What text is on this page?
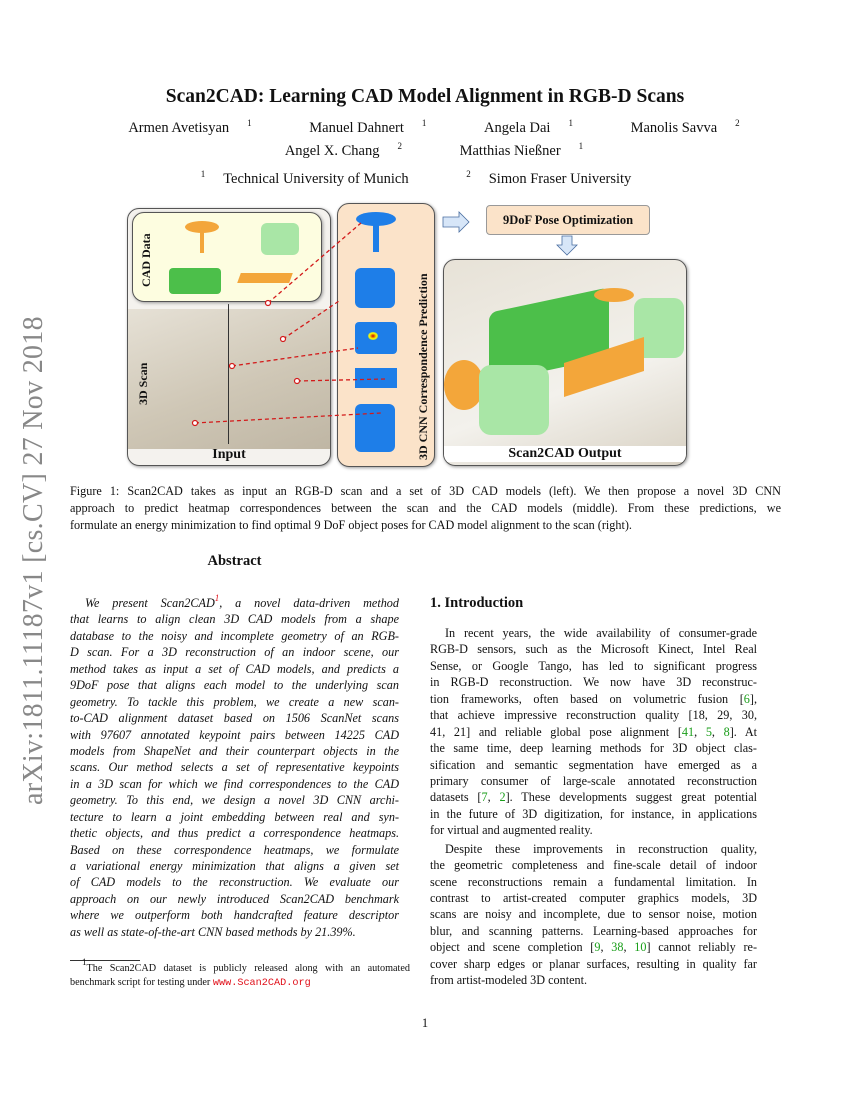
arXiv:1811.11187v1 [cs.CV] 27 Nov 2018
Scan2CAD: Learning CAD Model Alignment in RGB-D Scans
Armen Avetisyan $^1$	Manuel Dahnert $^1$	Angela Dai $^1$	Manolis Savva $^2$
Angel X. Chang $^2$	Matthias Nießner $^1$
$^1$ Technical University of Munich	$^2$ Simon Fraser University
CAD Data
3D Scan
Input	3D CNN Correspondence Prediction
9DoF Pose Optimization
Scan2CAD Output
Figure 1: Scan2CAD takes as input an RGB-D scan and a set of 3D CAD models (left). We then propose a novel 3D CNN
approach to predict heatmap correspondences between the scan and the CAD models (middle). From these predictions, we
formulate an energy minimization to find optimal 9 DoF object poses for CAD model alignment to the scan (right).
Abstract
We present Scan2CAD$^1$, a novel data-driven method
that learns to align clean 3D CAD models from a shape
database to the noisy and incomplete geometry of an RGB-
D scan. For a 3D reconstruction of an indoor scene, our
method takes as input a set of CAD models, and predicts a
9DoF pose that aligns each model to the underlying scan
geometry. To tackle this problem, we create a new scan-
to-CAD alignment dataset based on 1506 ScanNet scans
with 97607 annotated keypoint pairs between 14225 CAD
models from ShapeNet and their counterpart objects in the
scans. Our method selects a set of representative keypoints
in a 3D scan for which we find correspondences to the CAD
geometry. To this end, we design a novel 3D CNN archi-
tecture to learn a joint embedding between real and syn-
thetic objects, and thus predict a correspondence heatmaps.
Based on these correspondence heatmaps, we formulate
a variational energy minimization that aligns a given set
of CAD models to the reconstruction. We evaluate our
approach on our newly introduced Scan2CAD benchmark
where we outperform both handcrafted feature descriptor
as well as state-of-the-art CNN based methods by 21.39%.
$^1$The Scan2CAD dataset is publicly released along with an automated
benchmark script for testing under www.Scan2CAD.org
1. Introduction
In recent years, the wide availability of consumer-grade
RGB-D sensors, such as the Microsoft Kinect, Intel Real
Sense, or Google Tango, has led to significant progress
in RGB-D reconstruction. We now have 3D reconstruc-
tion frameworks, often based on volumetric fusion [6],
that achieve impressive reconstruction quality [18, 29, 30,
41, 21] and reliable global pose alignment [41, 5, 8]. At
the same time, deep learning methods for 3D object clas-
sification and semantic segmentation have emerged as a
primary consumer of large-scale annotated reconstruction
datasets [7, 2]. These developments suggest great potential
in the future of 3D digitization, for instance, in applications
for virtual and augmented reality.
Despite these improvements in reconstruction quality,
the geometric completeness and fine-scale detail of indoor
scene reconstructions remain a fundamental limitation. In
contrast to artist-created computer graphics models, 3D
scans are noisy and incomplete, due to sensor noise, motion
blur, and scanning patterns. Learning-based approaches for
object and scene completion [9, 38, 10] cannot reliably re-
cover sharp edges or planar surfaces, resulting in quality far
from artist-modeled 3D content.
1
